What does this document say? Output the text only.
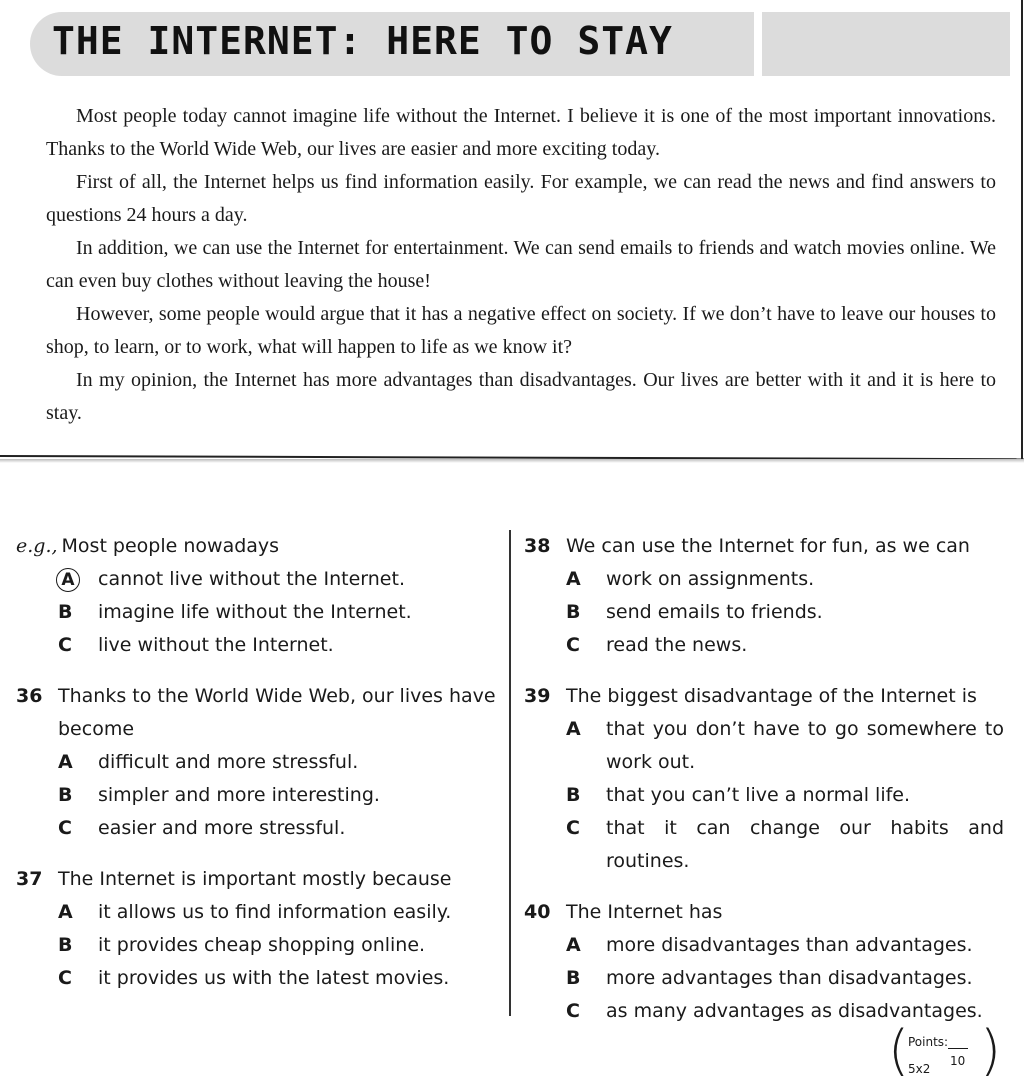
THE INTERNET: HERE TO STAY

Most people today cannot imagine life without the Internet. I believe it is one of the most important innovations. Thanks to the World Wide Web, our lives are easier and more exciting today.

First of all, the Internet helps us find information easily. For example, we can read the news and find answers to questions 24 hours a day.

In addition, we can use the Internet for entertainment. We can send emails to friends and watch movies online. We can even buy clothes without leaving the house!

However, some people would argue that it has a negative effect on society. If we don’t have to leave our houses to shop, to learn, or to work, what will happen to life as we know it?

In my opinion, the Internet has more advantages than disadvantages. Our lives are better with it and it is here to stay.

e.g., Most people nowadays
A	cannot live without the Internet.
B	imagine life without the Internet.
C	live without the Internet.
36 Thanks to the World Wide Web, our lives have become
A	difficult and more stressful.
B	simpler and more interesting.
C	easier and more stressful.
37 The Internet is important mostly because
A	it allows us to find information easily.
B	it provides cheap shopping online.
C	it provides us with the latest movies.
38 We can use the Internet for fun, as we can
A	work on assignments.
B	send emails to friends.
C	read the news.
39 The biggest disadvantage of the Internet is
A	that you don’t have to go somewhere to work out.
B	that you can’t live a normal life.
C	that it can change our habits and routines.
40 The Internet has
A	more disadvantages than advantages.
B	more advantages than disadvantages.
C	as many advantages as disadvantages.
(
Points:
5x2
10 )
